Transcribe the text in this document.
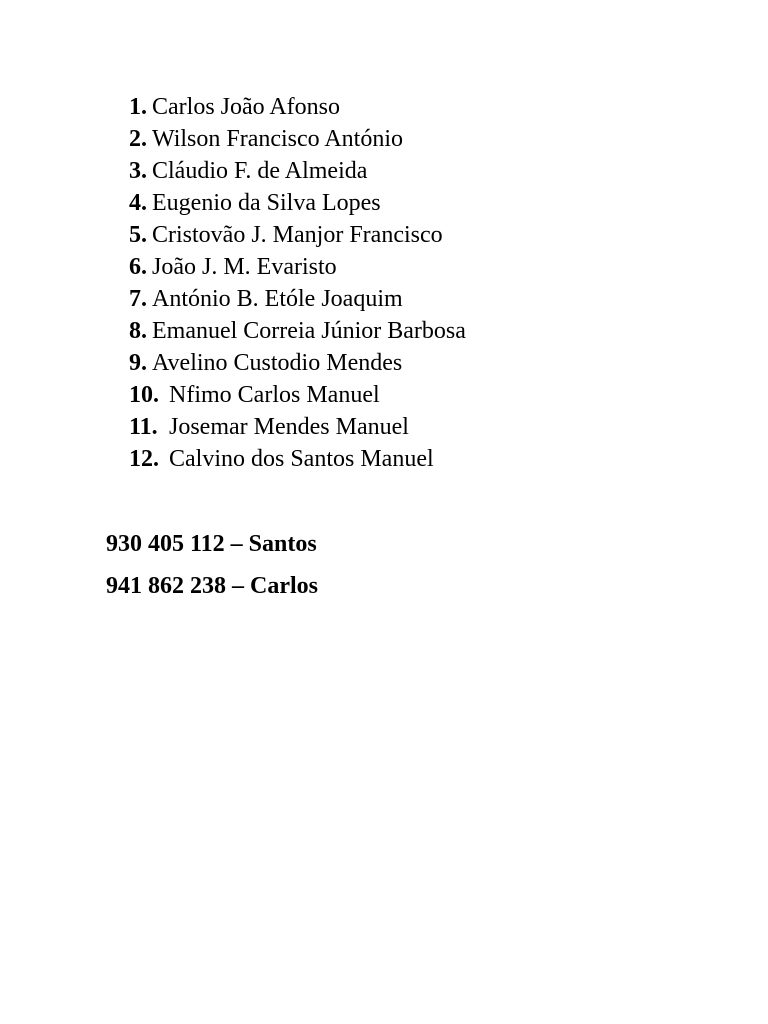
1. Carlos João Afonso
2. Wilson Francisco António
3. Cláudio F. de Almeida
4. Eugenio da Silva Lopes
5. Cristovão J. Manjor Francisco
6. João J. M. Evaristo
7. António B. Etóle Joaquim
8. Emanuel Correia Júnior Barbosa
9. Avelino Custodio Mendes
10. Nfimo Carlos Manuel
11. Josemar Mendes Manuel
12. Calvino dos Santos Manuel
930 405 112 – Santos
941 862 238 – Carlos
